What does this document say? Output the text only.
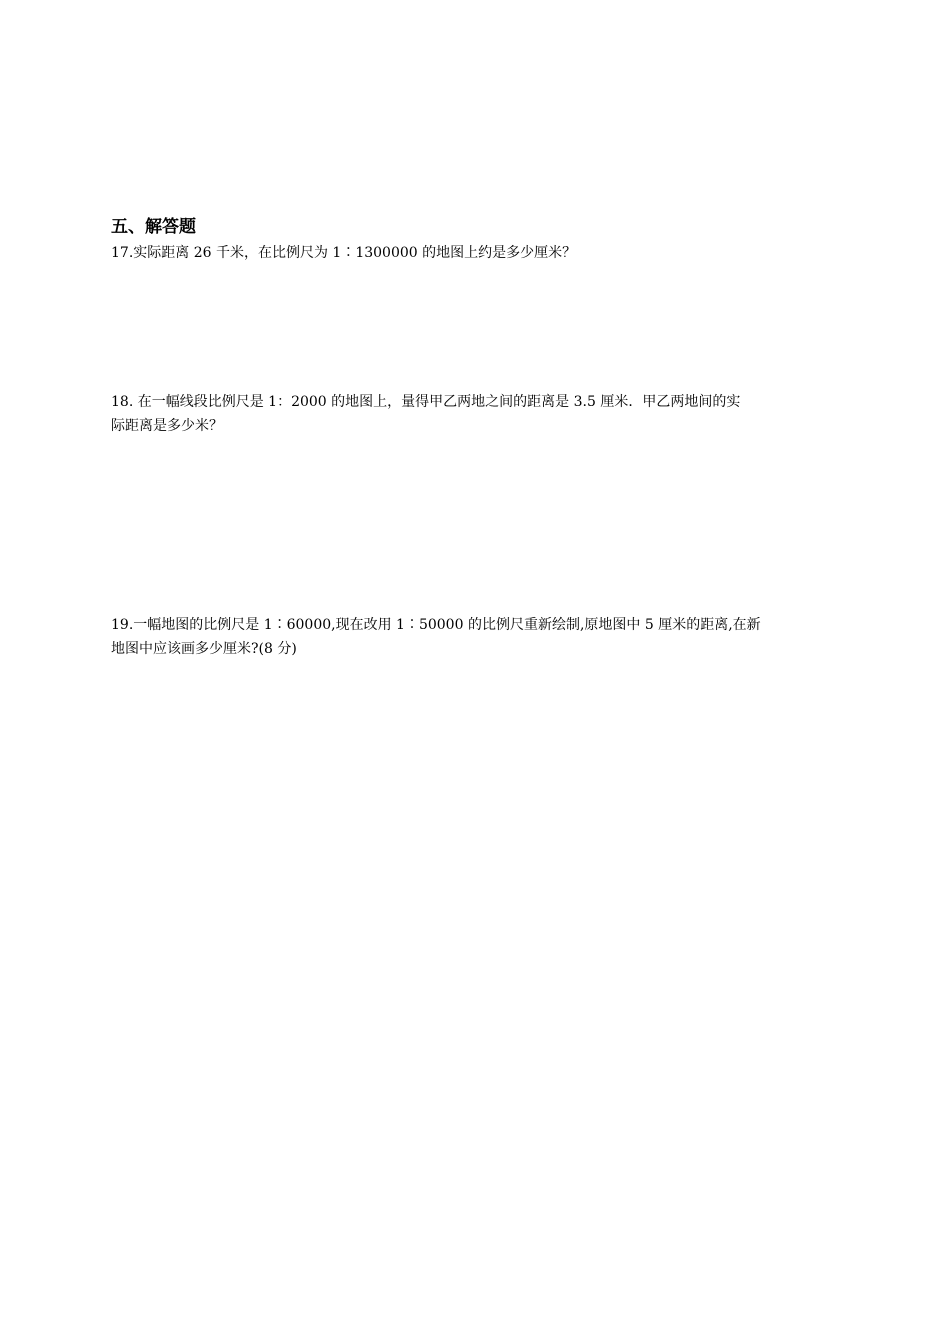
五、解答题
17.实际距离 26 千米，在比例尺为 1∶1300000 的地图上约是多少厘米？
18. 在一幅线段比例尺是 1：2000 的地图上，量得甲乙两地之间的距离是 3.5 厘米．甲乙两地间的实
际距离是多少米？
19.一幅地图的比例尺是 1∶60000,现在改用 1∶50000 的比例尺重新绘制,原地图中 5 厘米的距离,在新
地图中应该画多少厘米?(8 分)
